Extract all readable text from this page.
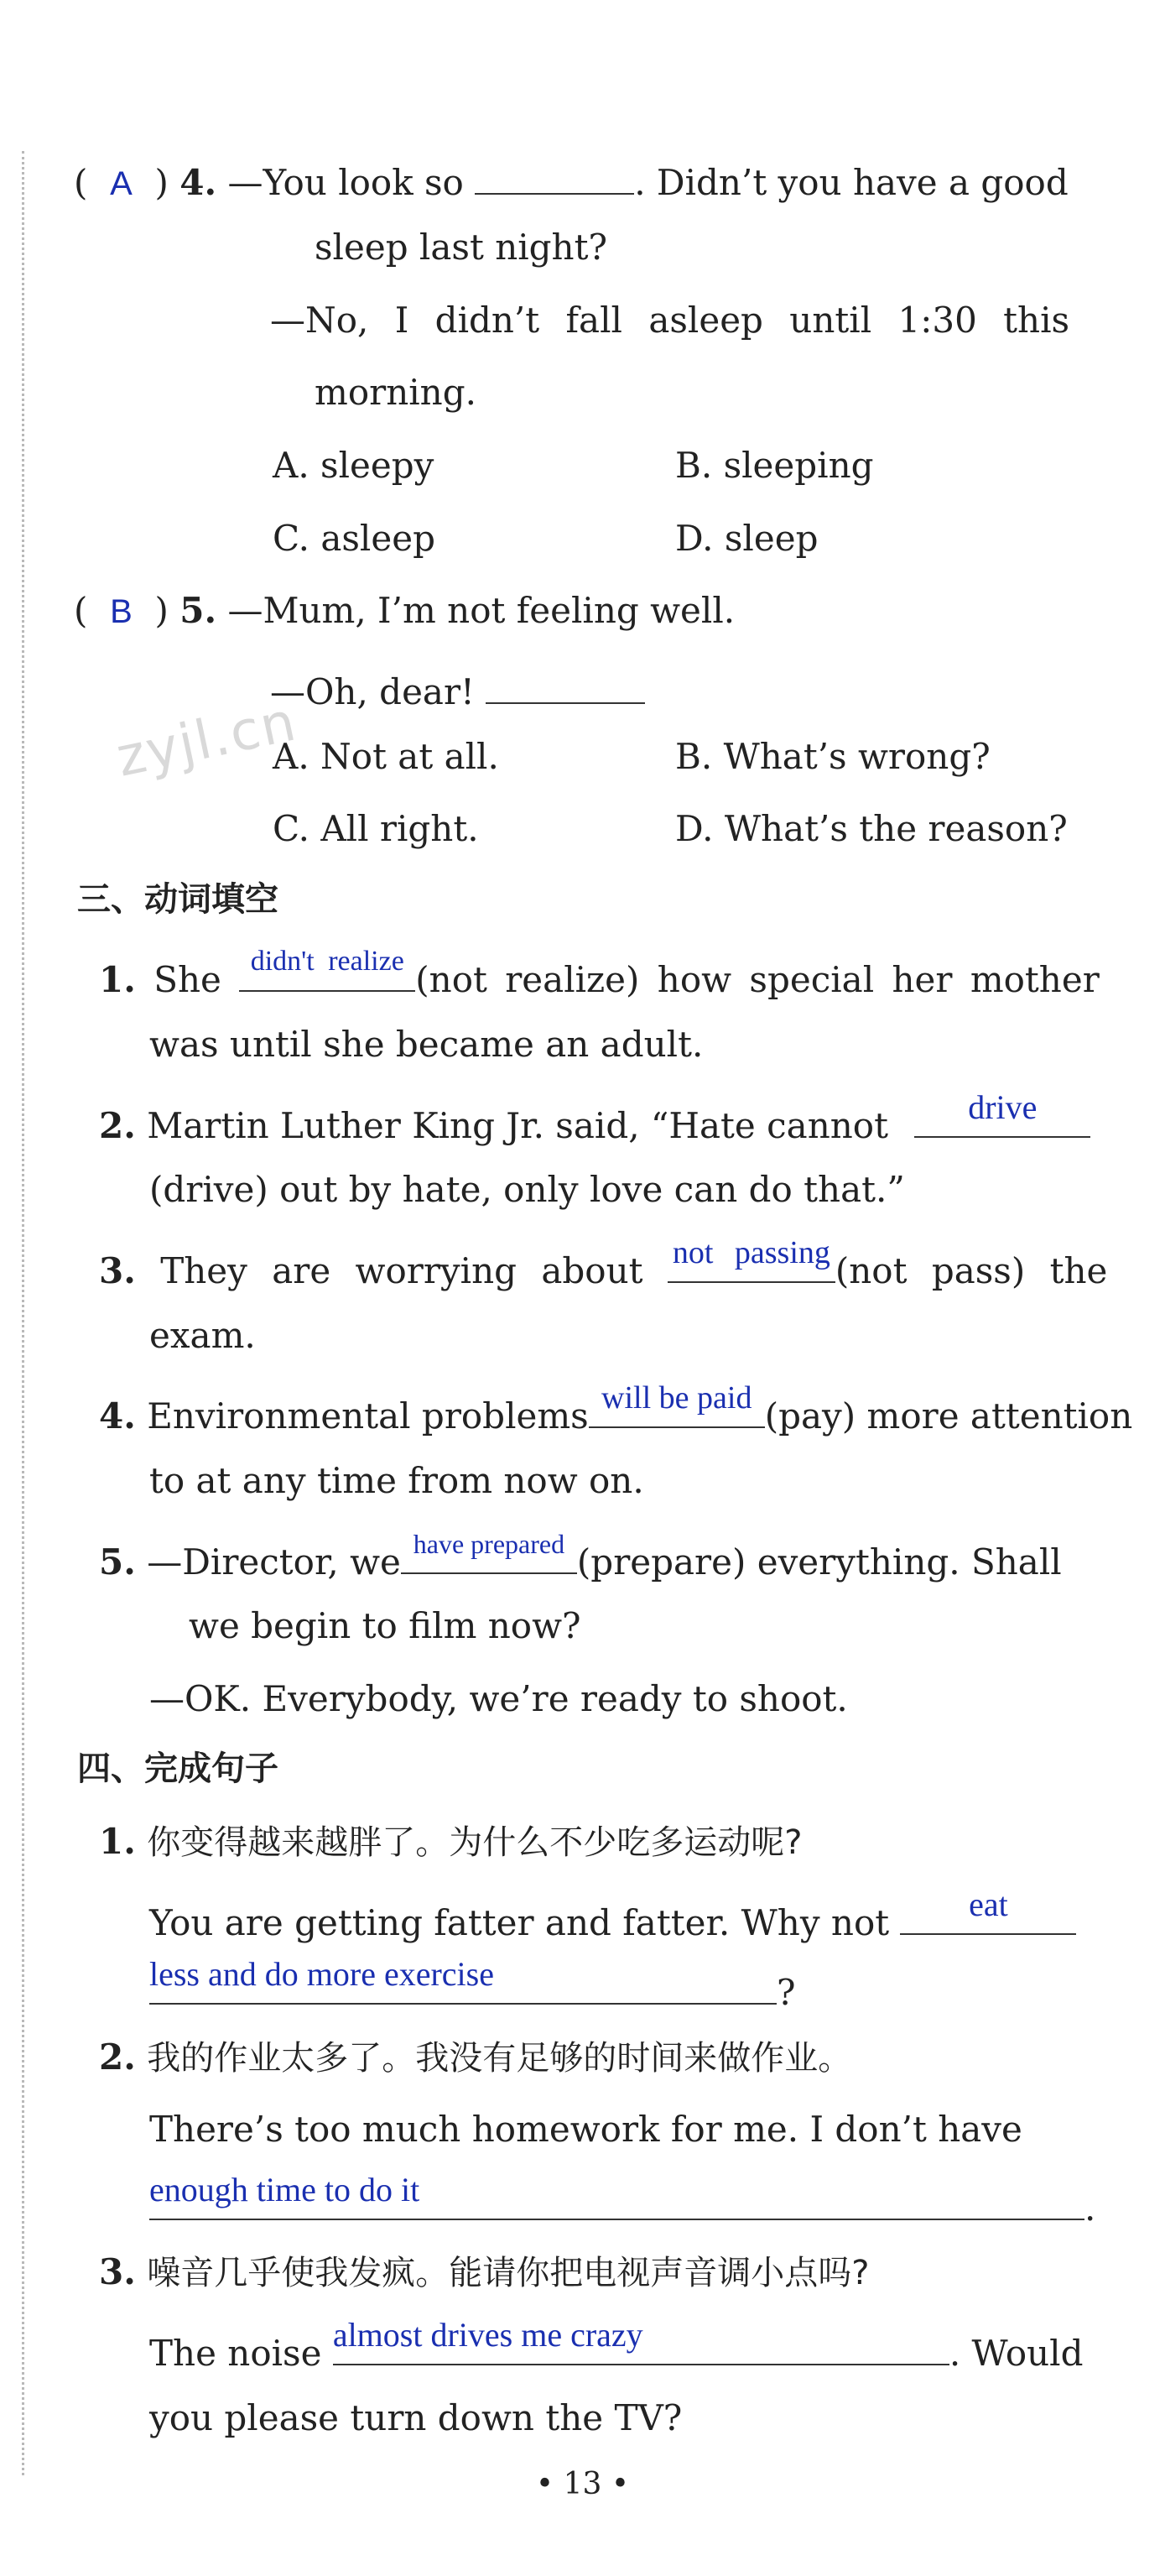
zyjl.cn
(  A  ) 4. —You look so	. Didn’t you have a good
sleep last night?
—No, I didn’t fall asleep until 1:30 this
morning.
A. sleepy	B. sleeping
C. asleep	D. sleep
(  B  ) 5. —Mum, I’m not feeling well.
—Oh, dear!
A. Not at all.	B. What’s wrong?
C. All right.	D. What’s the reason?
三、动词填空
1. She	didn't realize (not realize) how special her mother
was until she became an adult.
2. Martin Luther King Jr. said, “Hate cannot	drive
(drive) out by hate, only love can do that.”
3. They are worrying about not passing (not pass) the
exam.
4. Environmental problems will be paid (pay) more attention
to at any time from now on.
5. —Director, we have prepared (prepare) everything. Shall
we begin to film now?
—OK. Everybody, we’re ready to shoot.
四、完成句子
1. 你变得越来越胖了。为什么不少吃多运动呢?
You are getting fatter and fatter. Why not	eat
less and do more exercise	?
2. 我的作业太多了。我没有足够的时间来做作业。
There’s too much homework for me. I don’t have
enough time to do it	.
3. 噪音几乎使我发疯。能请你把电视声音调小点吗?
The noise almost drives me crazy	. Would
you please turn down the TV?
• 13 •
